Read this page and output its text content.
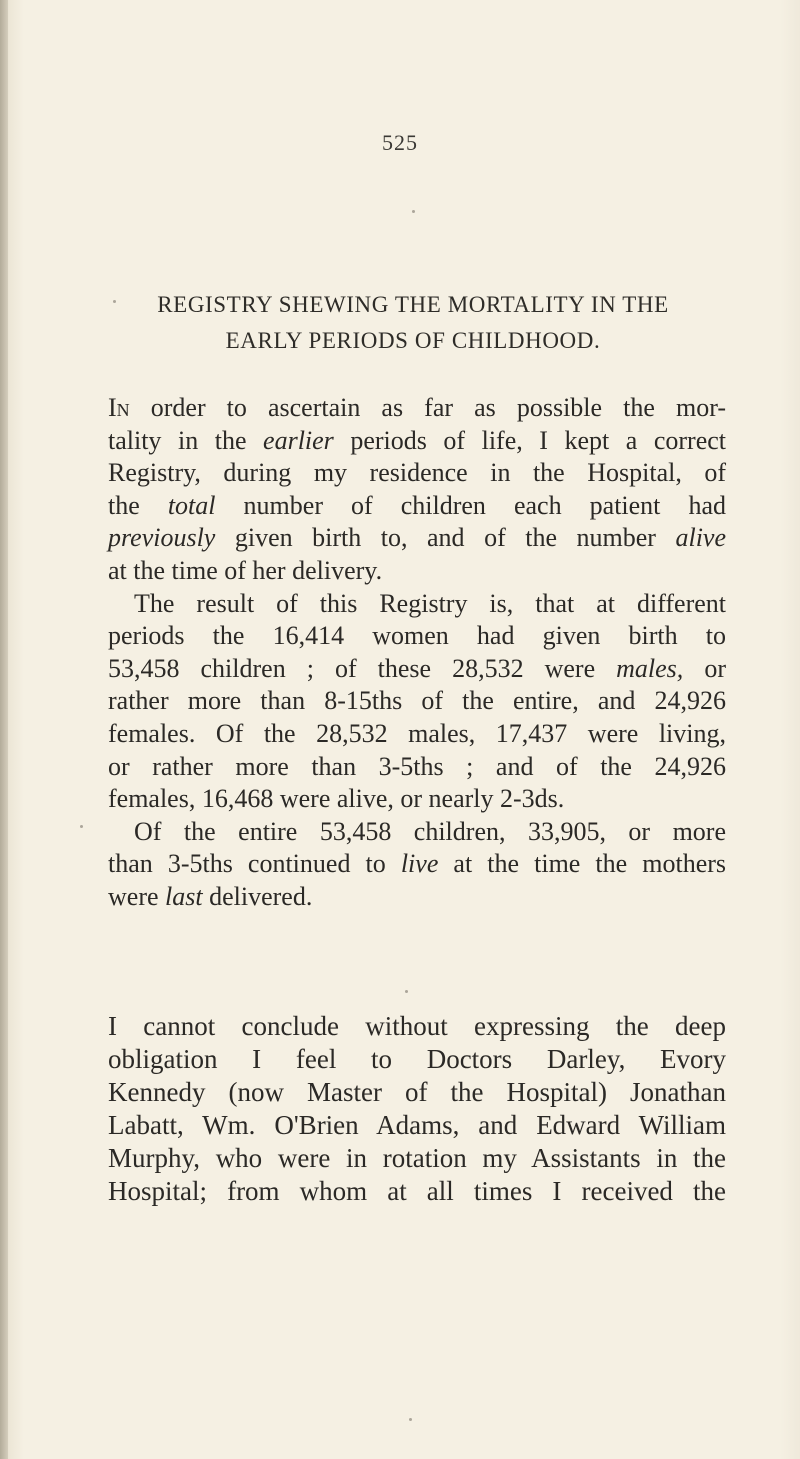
525
REGISTRY SHEWING THE MORTALITY IN THE
EARLY PERIODS OF CHILDHOOD.
In order to ascertain as far as possible the mor-
tality in the earlier periods of life, I kept a correct
Registry, during my residence in the Hospital, of
the total number of children each patient had
previously given birth to, and of the number alive
at the time of her delivery.
The result of this Registry is, that at different
periods the 16,414 women had given birth to
53,458 children ; of these 28,532 were males, or
rather more than 8-15ths of the entire, and 24,926
females. Of the 28,532 males, 17,437 were living,
or rather more than 3-5ths ; and of the 24,926
females, 16,468 were alive, or nearly 2-3ds.
Of the entire 53,458 children, 33,905, or more
than 3-5ths continued to live at the time the mothers
were last delivered.
I cannot conclude without expressing the deep
obligation I feel to Doctors Darley, Evory
Kennedy (now Master of the Hospital) Jonathan
Labatt, Wm. O'Brien Adams, and Edward William
Murphy, who were in rotation my Assistants in the
Hospital; from whom at all times I received the
